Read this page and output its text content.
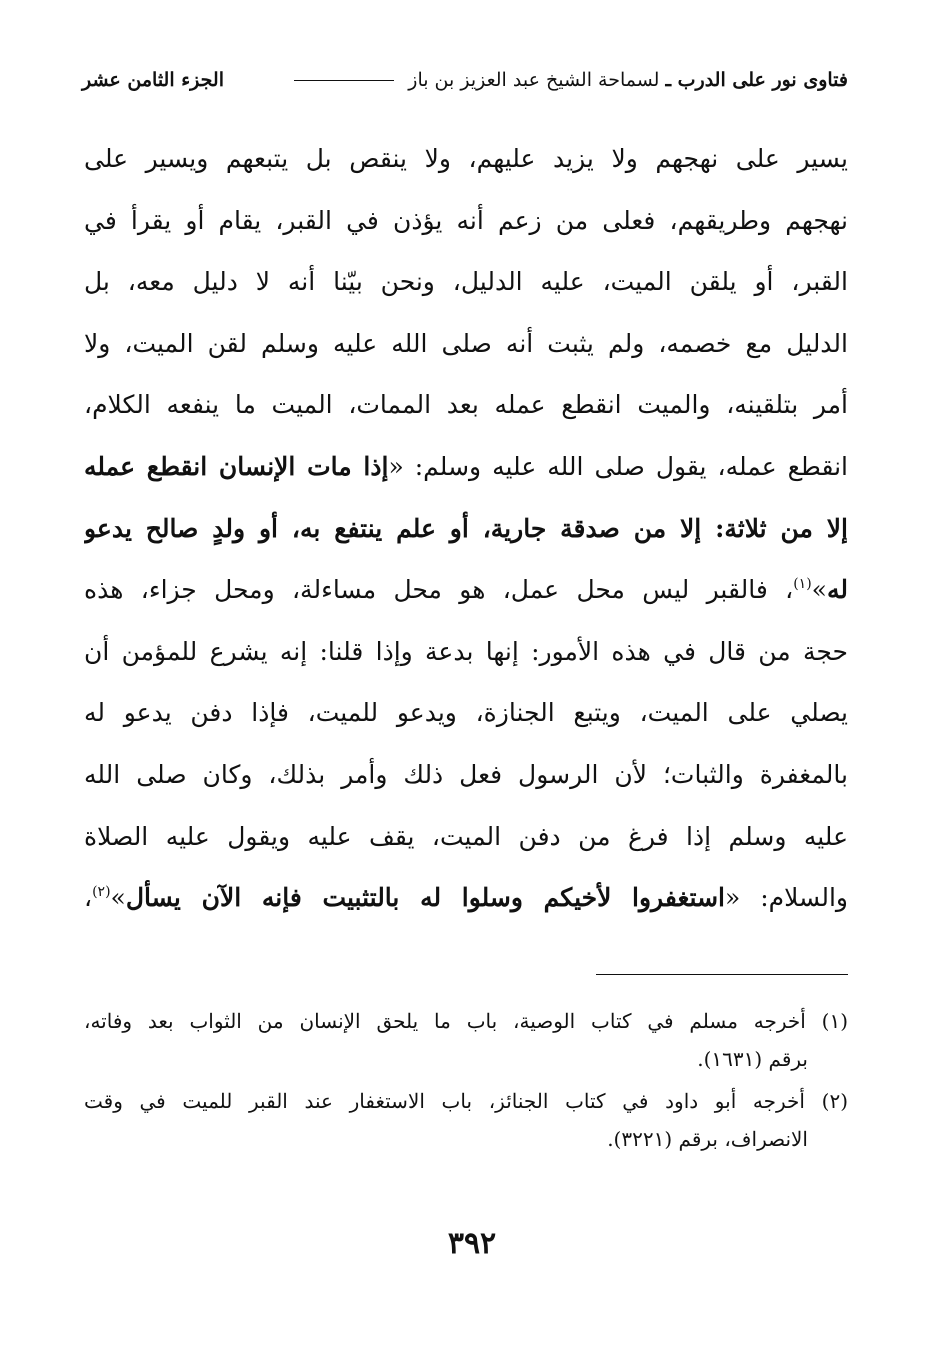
فتاوى نور على الدرب ـ
لسماحة الشيخ عبد العزيز بن باز
الجزء الثامن عشر
يسير على نهجهم ولا يزيد عليهم، ولا ينقص بل يتبعهم ويسير على
نهجهم وطريقهم، فعلى من زعم أنه يؤذن في القبر، يقام أو يقرأ في
القبر، أو يلقن الميت، عليه الدليل، ونحن بيّنا أنه لا دليل معه، بل
الدليل مع خصمه، ولم يثبت أنه صلى الله عليه وسلم لقن الميت، ولا
أمر بتلقينه، والميت انقطع عمله بعد الممات، الميت ما ينفعه الكلام،
انقطع عمله، يقول صلى الله عليه وسلم: «إذا مات الإنسان انقطع عمله
إلا من ثلاثة: إلا من صدقة جارية، أو علم ينتفع به، أو ولدٍ صالح يدعو
له»$^{(١)}$، فالقبر ليس محل عمل، هو محل مساءلة، ومحل جزاء، هذه
حجة من قال في هذه الأمور: إنها بدعة وإذا قلنا: إنه يشرع للمؤمن أن
يصلي على الميت، ويتبع الجنازة، ويدعو للميت، فإذا دفن يدعو له
بالمغفرة والثبات؛ لأن الرسول فعل ذلك وأمر بذلك، وكان صلى الله
عليه وسلم إذا فرغ من دفن الميت، يقف عليه ويقول عليه الصلاة
والسلام: «استغفروا لأخيكم وسلوا له بالتثبيت فإنه الآن يسأل»$^{(٢)}$،
(١) أخرجه مسلم في كتاب الوصية، باب ما يلحق الإنسان من الثواب بعد وفاته،
برقم (١٦٣١).
(٢) أخرجه أبو داود في كتاب الجنائز، باب الاستغفار عند القبر للميت في وقت
الانصراف، برقم (٣٢٢١).
٣٩٢
